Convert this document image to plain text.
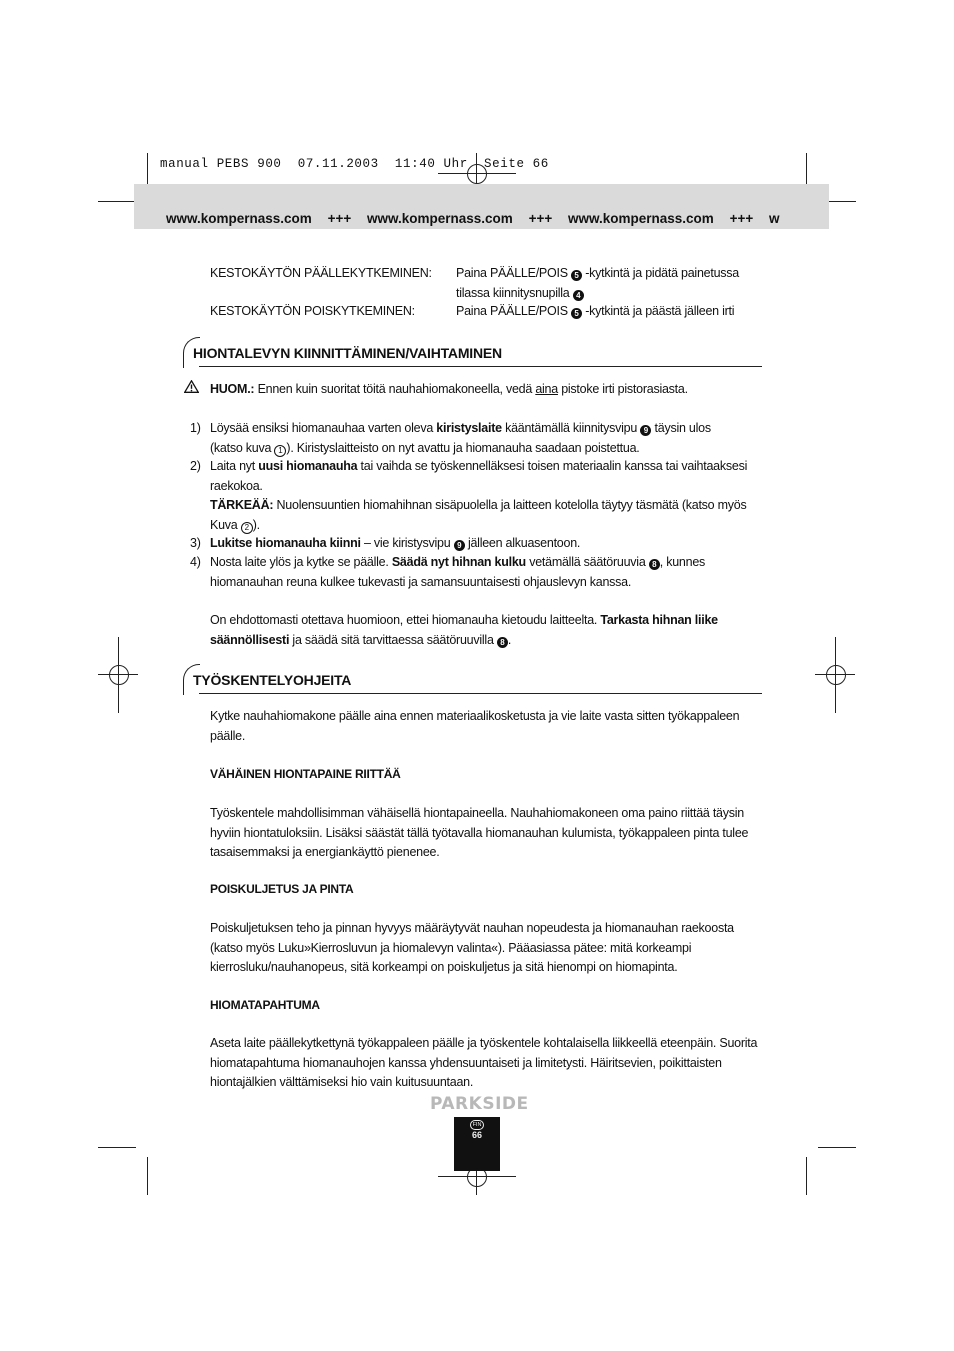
manual PEBS 900  07.11.2003  11:40 Uhr  Seite 66
www.kompernass.com +++ www.kompernass.com +++ www.kompernass.com +++ w
KESTOKÄYTÖN PÄÄLLEKYTKEMINEN: Paina PÄÄLLE/POIS 5 -kytkintä ja pidätä painetussa
tilassa kiinnitysnupilla 4
KESTOKÄYTÖN POISKYTKEMINEN:	Paina PÄÄLLE/POIS 5 -kytkintä ja päästä jälleen irti
HIONTALEVYN KIINNITTÄMINEN/VAIHTAMINEN
HUOM.: Ennen kuin suoritat töitä nauhahiomakoneella, vedä aina pistoke irti pistorasiasta.
1) Löysää ensiksi hiomanauhaa varten oleva kiristyslaite kääntämällä kiinnitysvipu 9 täysin ulos
(katso kuva 1 ). Kiristyslaitteisto on nyt avattu ja hiomanauha saadaan poistettua.
2) Laita nyt uusi hiomanauha tai vaihda se työskennelläksesi toisen materiaalin kanssa tai vaihtaaksesi raekokoa.
TÄRKEÄÄ: Nuolensuuntien hiomahihnan sisäpuolella ja laitteen kotelolla täytyy täsmätä (katso myös Kuva 2 ).
3) Lukitse hiomanauha kiinni – vie kiristysvipu 9 jälleen alkuasentoon.
4) Nosta laite ylös ja kytke se päälle. Säädä nyt hihnan kulku vetämällä säätöruuvia 8 , kunnes hiomanauhan reuna kulkee tukevasti ja samansuuntaisesti ohjauslevyn kanssa.
On ehdottomasti otettava huomioon, ettei hiomanauha kietoudu laitteelta. Tarkasta hihnan liike säännöllisesti ja säädä sitä tarvittaessa säätöruuvilla 8 .
TYÖSKENTELYOHJEITA
Kytke nauhahiomakone päälle aina ennen materiaalikosketusta ja vie laite vasta sitten työkappaleen päälle.
VÄHÄINEN HIONTAPAINE RIITTÄÄ
Työskentele mahdollisimman vähäisellä hiontapaineella. Nauhahiomakoneen oma paino riittää täysin hyviin hiontatuloksiin. Lisäksi säästät tällä työtavalla hiomanauhan kulumista, työkappaleen pinta tulee tasaisemmaksi ja energiankäyttö pienenee.
POISKULJETUS JA PINTA
Poiskuljetuksen teho ja pinnan hyvyys määräytyvät nauhan nopeudesta ja hiomanauhan raekoosta (katso myös Luku»Kierrosluvun ja hiomalevyn valinta«). Pääasiassa pätee: mitä korkeampi kierrosluku/nauhanopeus, sitä korkeampi on poiskuljetus ja sitä hienompi on hiomapinta.
HIOMATAPAHTUMA
Aseta laite päällekytkettynä työkappaleen päälle ja työskentele kohtalaisella liikkeellä eteenpäin. Suorita hiomatapahtuma hiomanauhojen kanssa yhdensuuntaiseti ja limitetysti. Häiritsevien, poikittaisten hiontajälkien välttämiseksi hio vain kuitusuuntaan.
PARKSIDE
FIN
66
